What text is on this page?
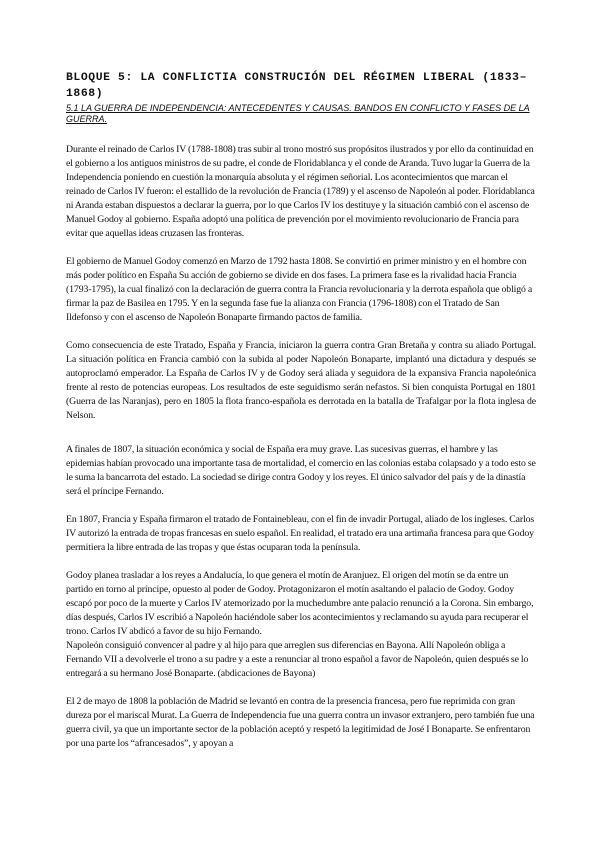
BLOQUE 5: LA CONFLICTIA CONSTRUCIÓN DEL RÉGIMEN LIBERAL (1833–1868)

5.1 LA GUERRA DE INDEPENDENCIA: ANTECEDENTES Y CAUSAS. BANDOS EN CONFLICTO Y FASES DE LA GUERRA.

Durante el reinado de Carlos IV (1788-1808) tras subir al trono mostró sus propósitos ilustrados y por ello da continuidad en el gobierno a los antiguos ministros de su padre, el conde de Floridablanca y el conde de Aranda. Tuvo lugar la Guerra de la Independencia poniendo en cuestión la monarquía absoluta y el régimen señorial. Los acontecimientos que marcan el reinado de Carlos IV fueron: el estallido de la revolución de Francia (1789) y el ascenso de Napoleón al poder. Floridablanca ni Aranda estaban dispuestos a declarar la guerra, por lo que Carlos IV los destituye y la situación cambió con el ascenso de Manuel Godoy al gobierno. España adoptó una política de prevención por el movimiento revolucionario de Francia para evitar que aquellas ideas cruzasen las fronteras.

El gobierno de Manuel Godoy comenzó en Marzo de 1792 hasta 1808. Se convirtió en primer ministro y en el hombre con más poder político en España Su acción de gobierno se divide en dos fases. La primera fase es la rivalidad hacia Francia (1793-1795), la cual finalizó con la declaración de guerra contra la Francia revolucionaria y la derrota española que obligó a firmar la paz de Basilea en 1795. Y en la segunda fase fue la alianza con Francia (1796-1808) con el Tratado de San Ildefonso y con el ascenso de Napoleón Bonaparte firmando pactos de familia.

Como consecuencia de este Tratado, España y Francia, iniciaron la guerra contra Gran Bretaña y contra su aliado Portugal. La situación política en Francia cambió con la subida al poder Napoleón Bonaparte, implantó una dictadura y después se autoproclamó emperador. La España de Carlos IV y de Godoy será aliada y seguidora de la expansiva Francia napoleónica frente al resto de potencias europeas. Los resultados de este seguidismo serán nefastos. Si bien conquista Portugal en 1801 (Guerra de las Naranjas), pero en 1805 la flota franco-española es derrotada en la batalla de Trafalgar por la flota inglesa de Nelson.

A finales de 1807, la situación económica y social de España era muy grave. Las sucesivas guerras, el hambre y las epidemias habían provocado una importante tasa de mortalidad, el comercio en las colonias estaba colapsado y a todo esto se le suma la bancarrota del estado. La sociedad se dirige contra Godoy y los reyes. El único salvador del país y de la dinastía será el príncipe Fernando.

En 1807, Francia y España firmaron el tratado de Fontainebleau, con el fin de invadir Portugal, aliado de los ingleses. Carlos IV autorizó la entrada de tropas francesas en suelo español. En realidad, el tratado era una artimaña francesa para que Godoy permitiera la libre entrada de las tropas y que éstas ocuparan toda la península.

Godoy planea trasladar a los reyes a Andalucía, lo que genera el motín de Aranjuez. El origen del motín se da entre un partido en torno al príncipe, opuesto al poder de Godoy. Protagonizaron el motín asaltando el palacio de Godoy. Godoy escapó por poco de la muerte y Carlos IV atemorizado por la muchedumbre ante palacio renunció a la Corona. Sin embargo, días después, Carlos IV escribió a Napoleón haciéndole saber los acontecimientos y reclamando su ayuda para recuperar el trono. Carlos IV abdicó a favor de su hijo Fernando.

Napoleón consiguió convencer al padre y al hijo para que arreglen sus diferencias en Bayona. Allí Napoleón obliga a Fernando VII a devolverle el trono a su padre y a este a renunciar al trono español a favor de Napoleón, quien después se lo entregará a su hermano José Bonaparte. (abdicaciones de Bayona)

El 2 de mayo de 1808 la población de Madrid se levantó en contra de la presencia francesa, pero fue reprimida con gran dureza por el mariscal Murat. La Guerra de Independencia fue una guerra contra un invasor extranjero, pero también fue una guerra civil, ya que un importante sector de la población aceptó y respetó la legitimidad de José I Bonaparte. Se enfrentaron por una parte los “afrancesados”, y apoyan a
